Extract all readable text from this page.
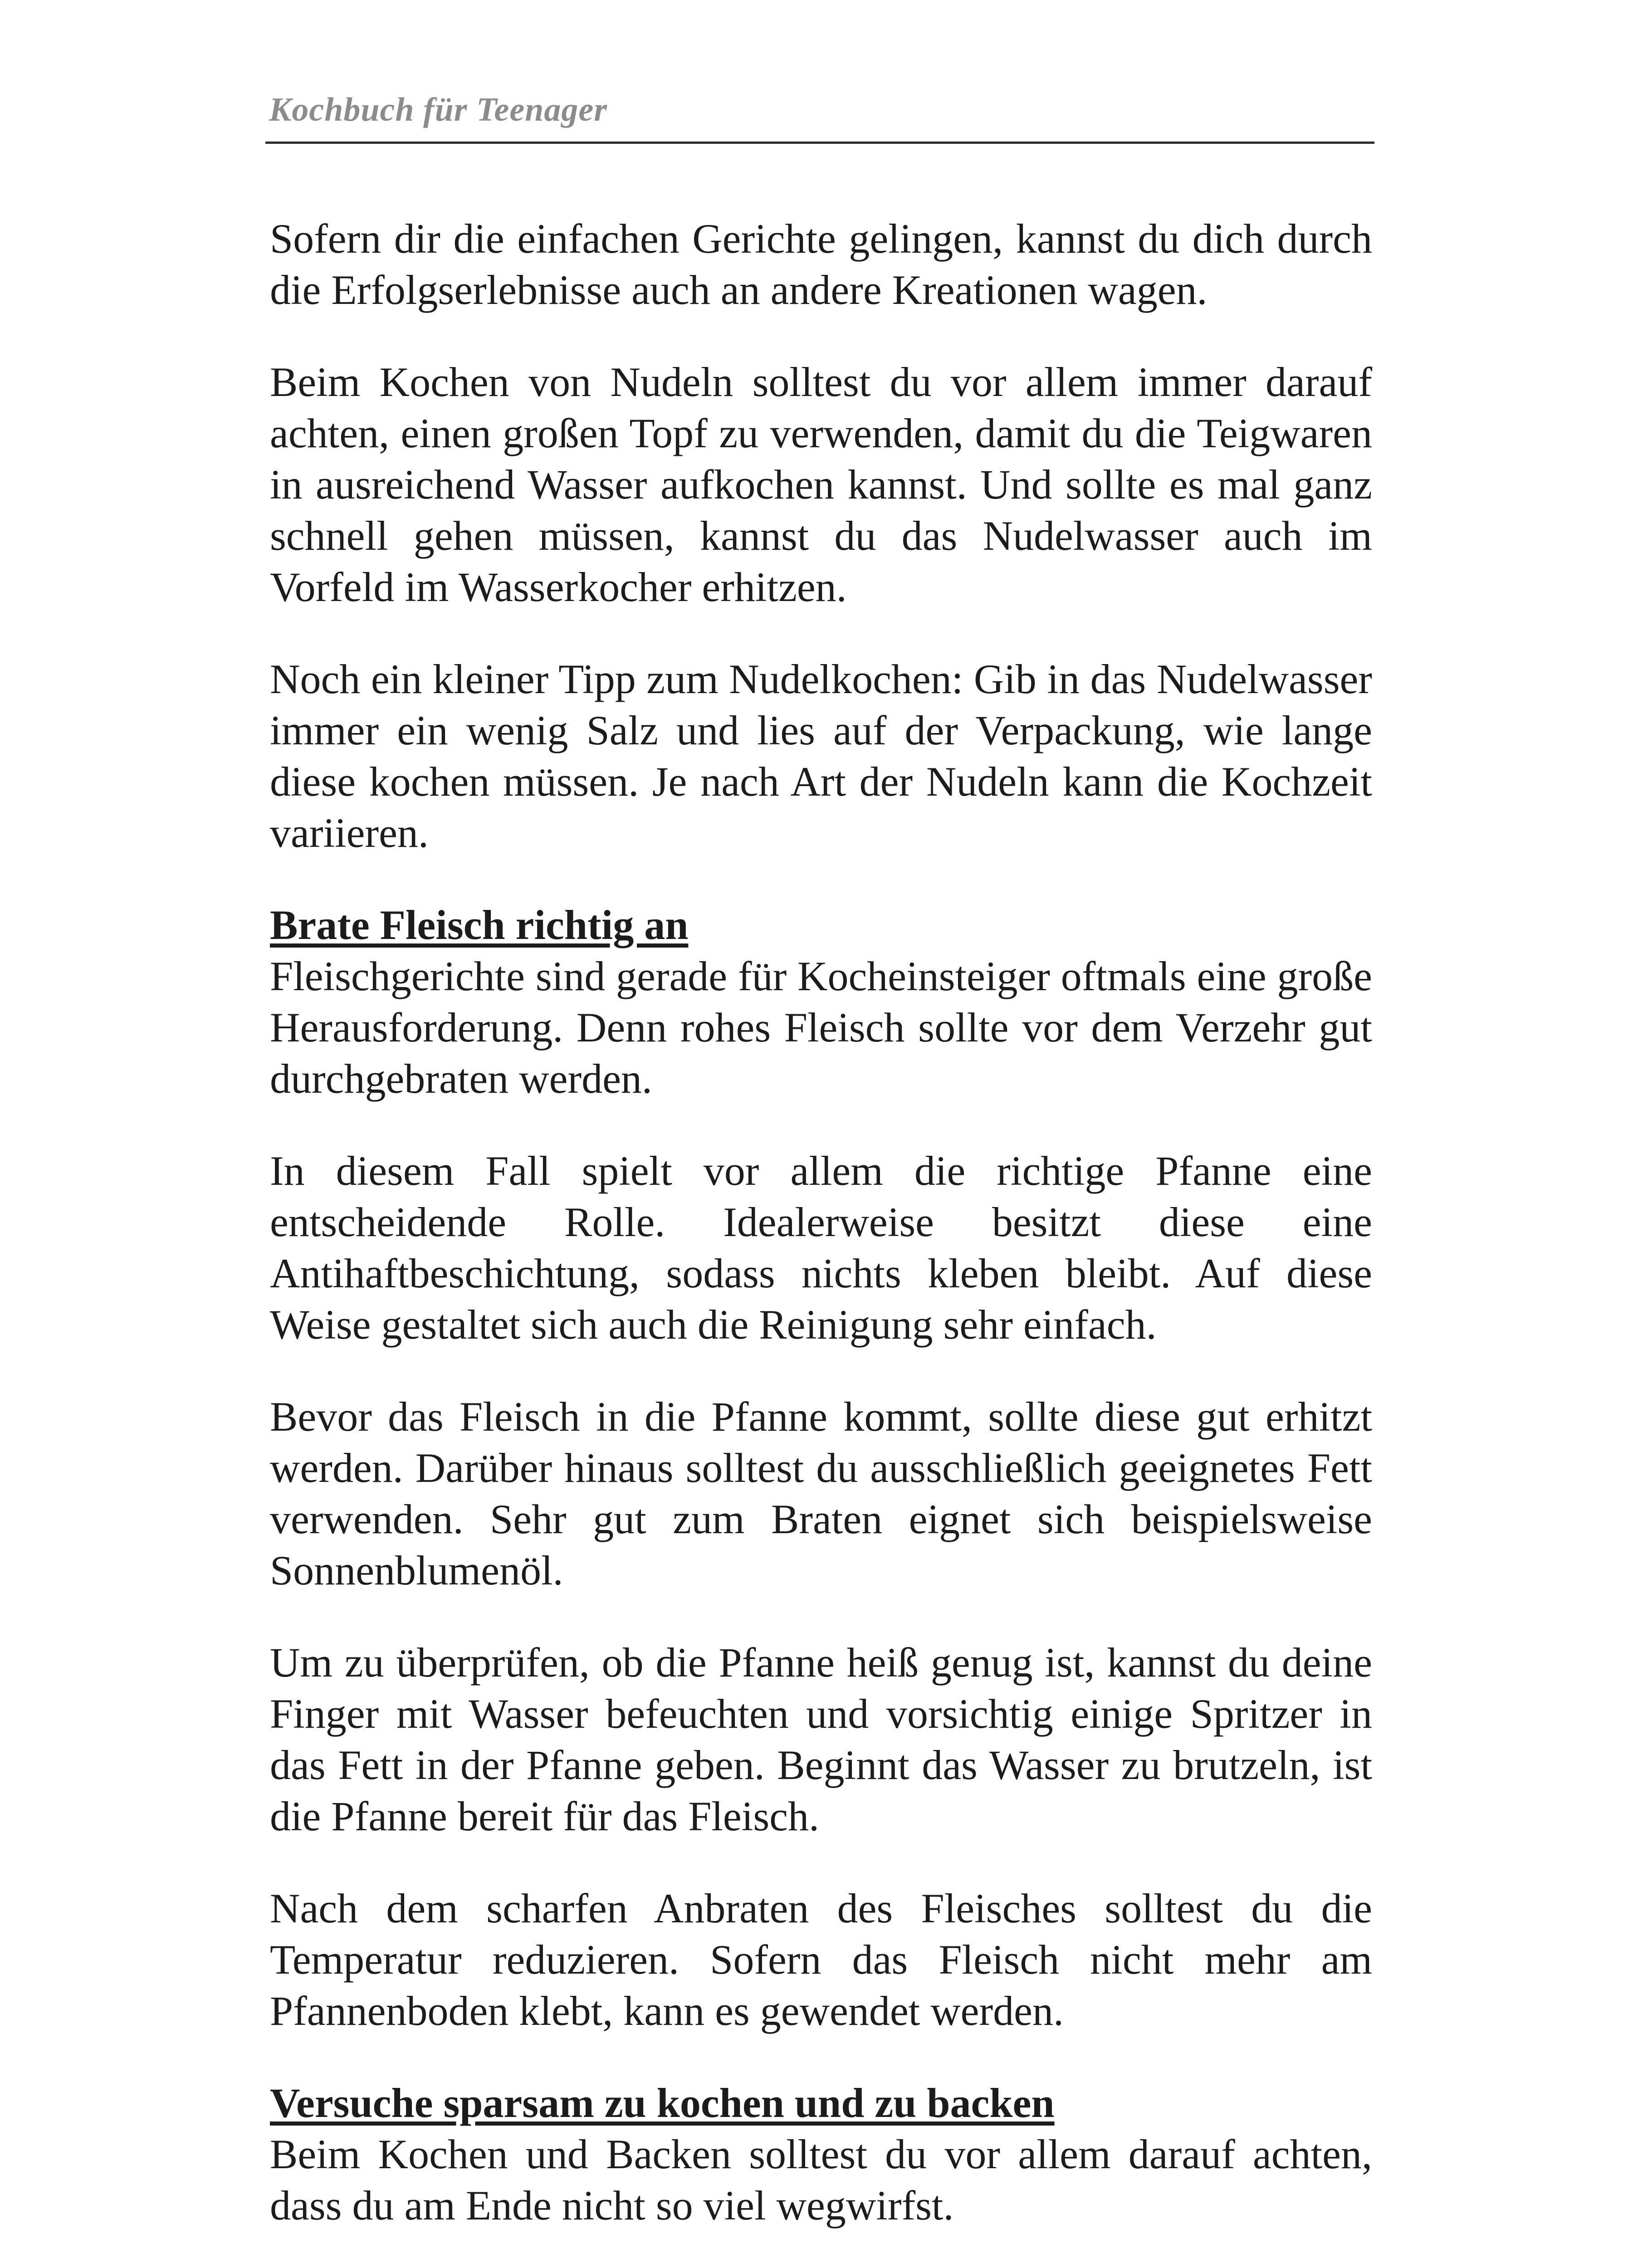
Kochbuch für Teenager

Sofern dir die einfachen Gerichte gelingen, kannst du dich durch die Erfolgserlebnisse auch an andere Kreationen wagen.

Beim Kochen von Nudeln solltest du vor allem immer darauf achten, einen großen Topf zu verwenden, damit du die Teigwaren in ausreichend Wasser aufkochen kannst. Und sollte es mal ganz schnell gehen müssen, kannst du das Nudelwasser auch im Vorfeld im Wasserkocher erhitzen.

Noch ein kleiner Tipp zum Nudelkochen: Gib in das Nudelwasser immer ein wenig Salz und lies auf der Verpackung, wie lange diese kochen müssen. Je nach Art der Nudeln kann die Kochzeit variieren.

Brate Fleisch richtig an

Fleischgerichte sind gerade für Kocheinsteiger oftmals eine große Herausforderung. Denn rohes Fleisch sollte vor dem Verzehr gut durchgebraten werden.

In diesem Fall spielt vor allem die richtige Pfanne eine entscheidende Rolle. Idealerweise besitzt diese eine Antihaftbeschichtung, sodass nichts kleben bleibt. Auf diese Weise gestaltet sich auch die Reinigung sehr einfach.

Bevor das Fleisch in die Pfanne kommt, sollte diese gut erhitzt werden. Darüber hinaus solltest du ausschließlich geeignetes Fett verwenden. Sehr gut zum Braten eignet sich beispielsweise Sonnenblumenöl.

Um zu überprüfen, ob die Pfanne heiß genug ist, kannst du deine Finger mit Wasser befeuchten und vorsichtig einige Spritzer in das Fett in der Pfanne geben. Beginnt das Wasser zu brutzeln, ist die Pfanne bereit für das Fleisch.

Nach dem scharfen Anbraten des Fleisches solltest du die Temperatur reduzieren. Sofern das Fleisch nicht mehr am Pfannenboden klebt, kann es gewendet werden.

Versuche sparsam zu kochen und zu backen

Beim Kochen und Backen solltest du vor allem darauf achten, dass du am Ende nicht so viel wegwirfst.
